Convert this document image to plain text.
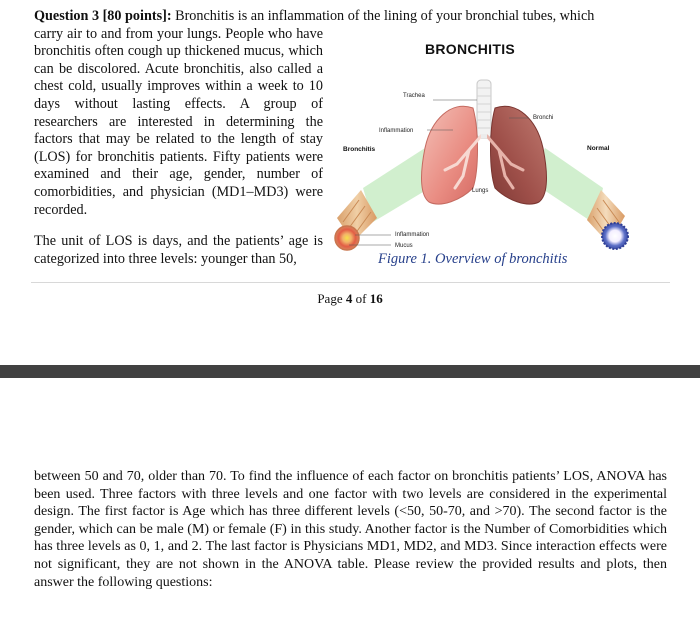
Question 3 [80 points]: Bronchitis is an inflammation of the lining of your bronchial tubes, which

carry air to and from your lungs. People who have bronchitis often cough up thickened mucus, which can be discolored. Acute bronchitis, also called a chest cold, usually improves within a week to 10 days without lasting effects. A group of researchers are interested in determining the factors that may be related to the length of stay (LOS) for bronchitis patients. Fifty patients were examined and their age, gender, number of comorbidities, and physician (MD1–MD3) were recorded.

The unit of LOS is days, and the patients’ age is categorized into three levels: younger than 50,

BRONCHITIS
Trachea
Bronchi
Inflammation
Bronchitis	Normal
Lungs
Inflammation
Mucus
Figure 1. Overview of bronchitis
Page 4 of 16

between 50 and 70, older than 70. To find the influence of each factor on bronchitis patients’ LOS, ANOVA has been used. Three factors with three levels and one factor with two levels are considered in the experimental design. The first factor is Age which has three different levels (<50, 50-70, and >70). The second factor is the gender, which can be male (M) or female (F) in this study. Another factor is the Number of Comorbidities which has three levels as 0, 1, and 2. The last factor is Physicians MD1, MD2, and MD3. Since interaction effects were not significant, they are not shown in the ANOVA table. Please review the provided results and plots, then answer the following questions:
